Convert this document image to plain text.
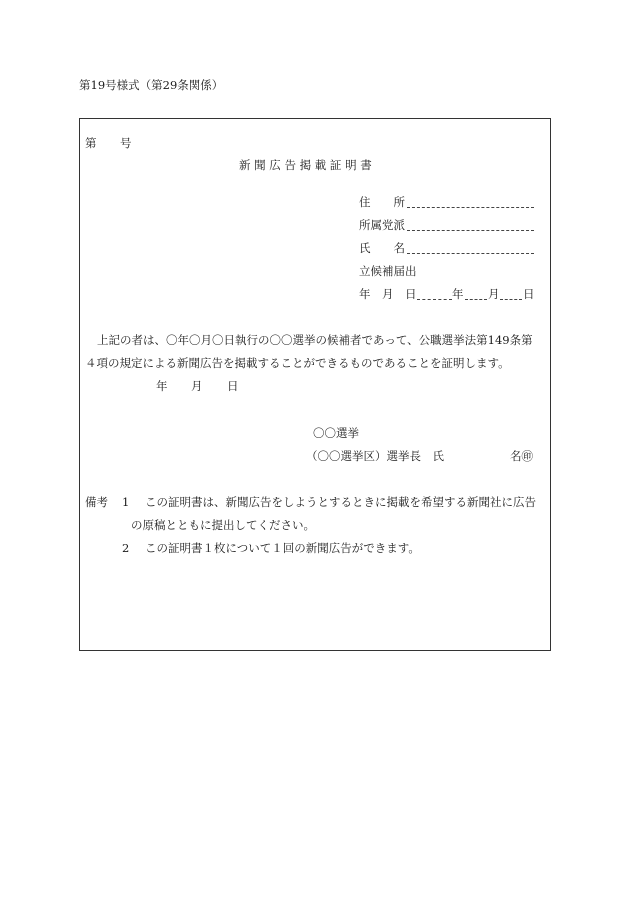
第19号様式（第29条関係）
第 号
新 聞 広 告 掲 載 証 明 書
住　　所
所属党派
氏　　名
立候補届出
年　月　日	年 月 日
上記の者は、〇年〇月〇日執行の〇〇選挙の候補者であって、公職選挙法第149条第
４項の規定による新聞広告を掲載することができるものであることを証明します。
年 月 日
〇〇選挙
（〇〇選挙区）選挙長　氏	名㊞
備考 1 この証明書は、新聞広告をしようとするときに掲載を希望する新聞社に広告
の原稿とともに提出してください。
2 この証明書１枚について１回の新聞広告ができます。
